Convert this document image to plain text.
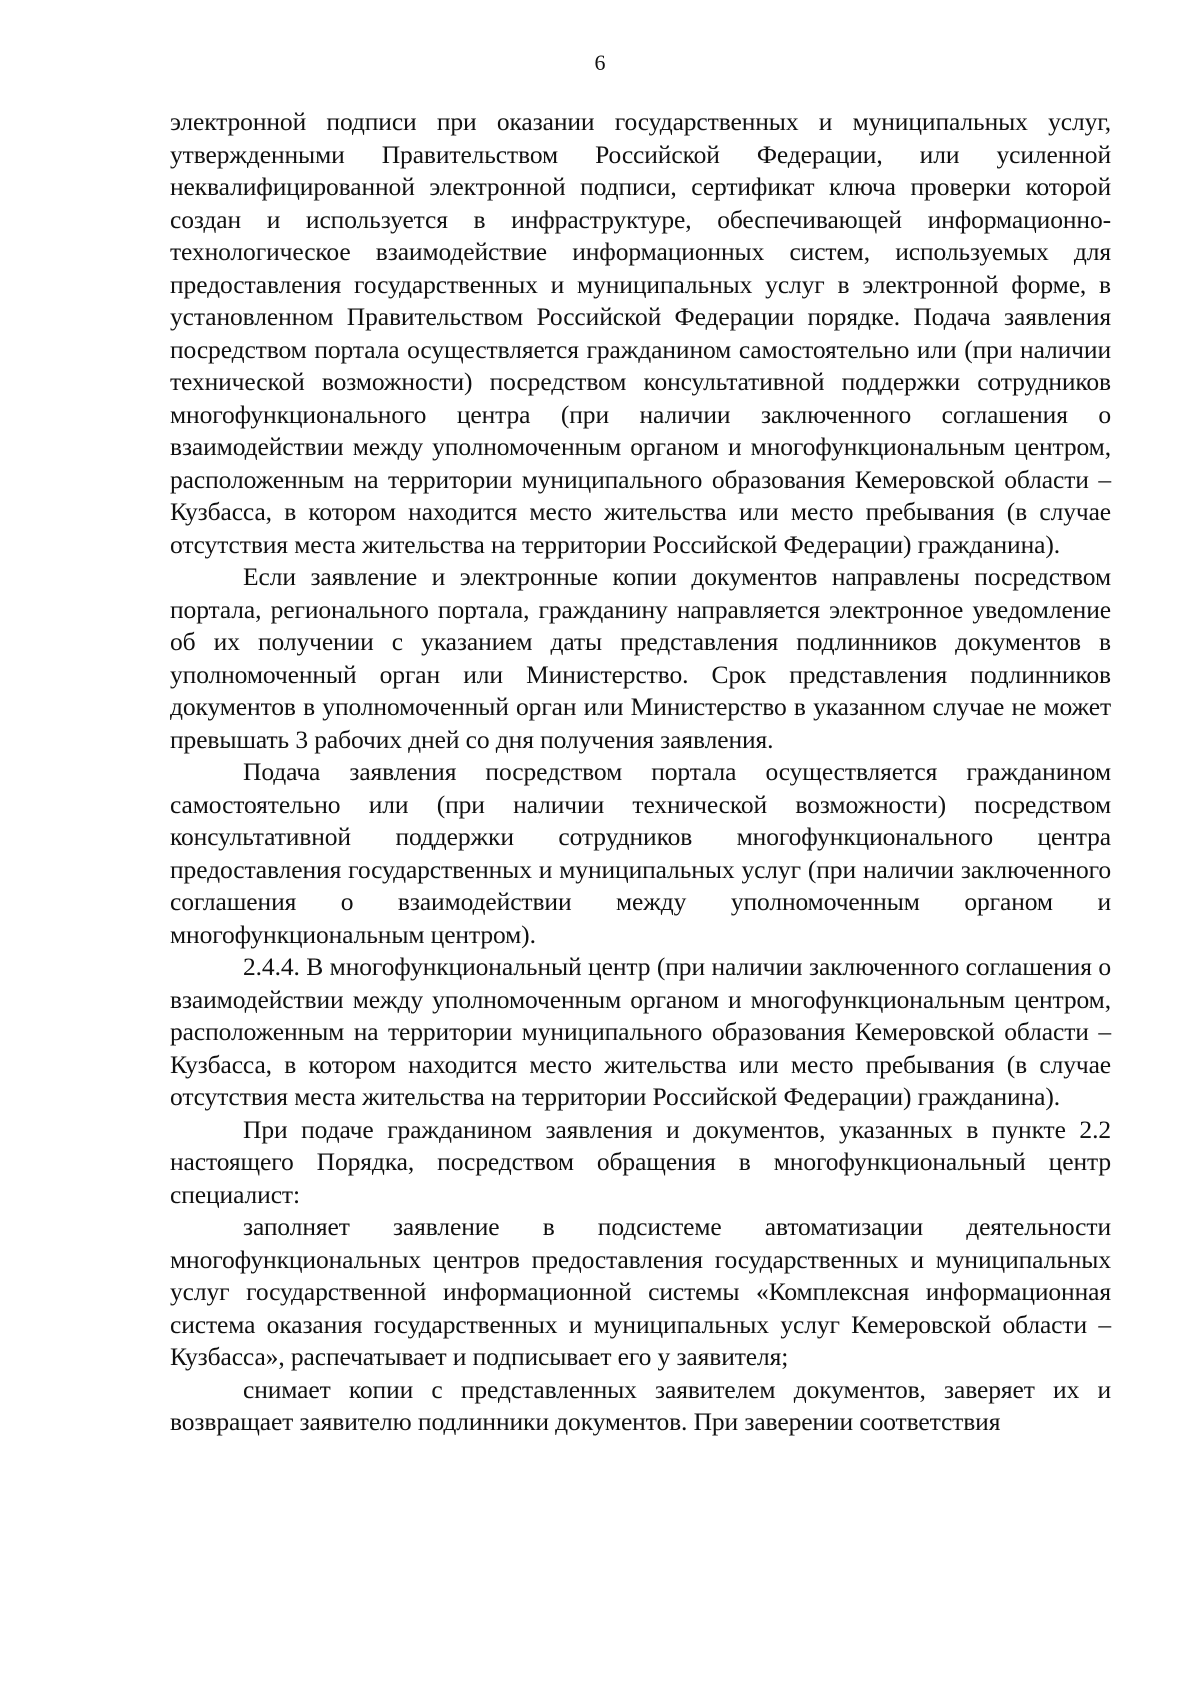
6

электронной подписи при оказании государственных и муниципальных услуг, утвержденными Правительством Российской Федерации, или усиленной неквалифицированной электронной подписи, сертификат ключа проверки которой создан и используется в инфраструктуре, обеспечивающей информационно-технологическое взаимодействие информационных систем, используемых для предоставления государственных и муниципальных услуг в электронной форме, в установленном Правительством Российской Федерации порядке. Подача заявления посредством портала осуществляется гражданином самостоятельно или (при наличии технической возможности) посредством консультативной поддержки сотрудников многофункционального центра (при наличии заключенного соглашения о взаимодействии между уполномоченным органом и многофункциональным центром, расположенным на территории муниципального образования Кемеровской области – Кузбасса, в котором находится место жительства или место пребывания (в случае отсутствия места жительства на территории Российской Федерации) гражданина).

Если заявление и электронные копии документов направлены посредством портала, регионального портала, гражданину направляется электронное уведомление об их получении с указанием даты представления подлинников документов в уполномоченный орган или Министерство. Срок представления подлинников документов в уполномоченный орган или Министерство в указанном случае не может превышать 3 рабочих дней со дня получения заявления.

Подача заявления посредством портала осуществляется гражданином самостоятельно или (при наличии технической возможности) посредством консультативной поддержки сотрудников многофункционального центра предоставления государственных и муниципальных услуг (при наличии заключенного соглашения о взаимодействии между уполномоченным органом и многофункциональным центром).

2.4.4. В многофункциональный центр (при наличии заключенного соглашения о взаимодействии между уполномоченным органом и многофункциональным центром, расположенным на территории муниципального образования Кемеровской области – Кузбасса, в котором находится место жительства или место пребывания (в случае отсутствия места жительства на территории Российской Федерации) гражданина).

При подаче гражданином заявления и документов, указанных в пункте 2.2 настоящего Порядка, посредством обращения в многофункциональный центр специалист:

заполняет заявление в подсистеме автоматизации деятельности многофункциональных центров предоставления государственных и муниципальных услуг государственной информационной системы «Комплексная информационная система оказания государственных и муниципальных услуг Кемеровской области – Кузбасса», распечатывает и подписывает его у заявителя;

снимает копии с представленных заявителем документов, заверяет их и возвращает заявителю подлинники документов. При заверении соответствия
